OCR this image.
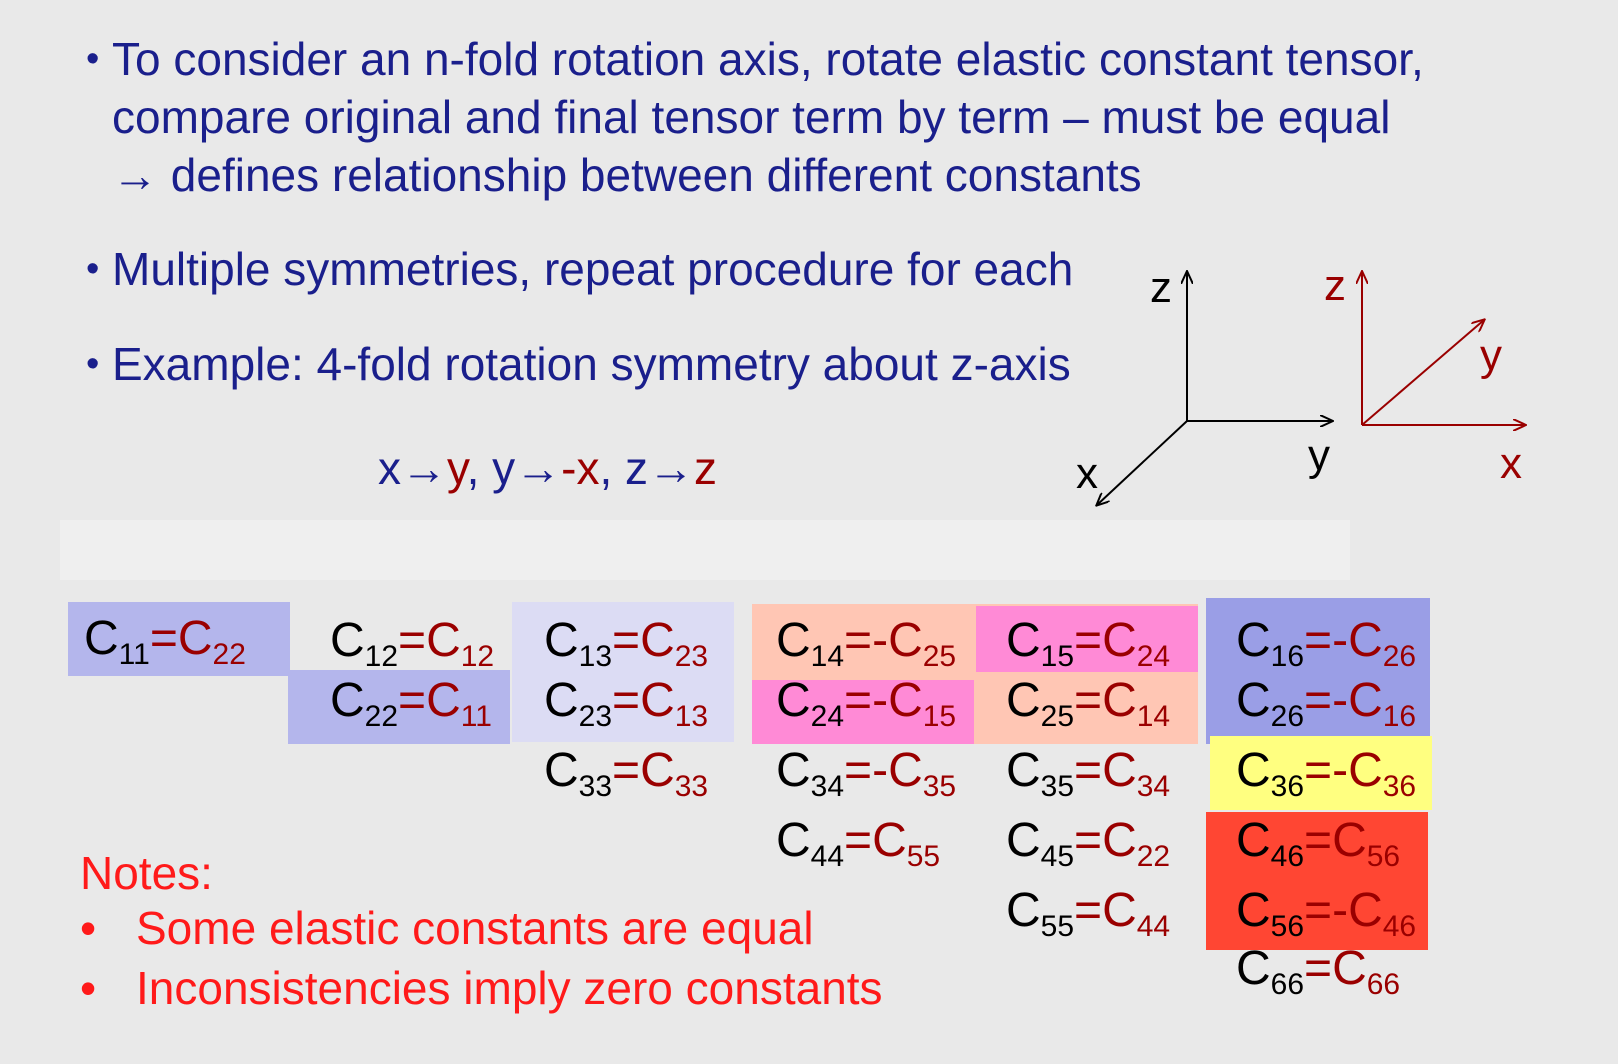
• To consider an n-fold rotation axis, rotate elastic constant tensor,
compare original and final tensor term by term – must be equal
→ defines relationship between different constants
• Multiple symmetries, repeat procedure for each
• Example: 4-fold rotation symmetry about z-axis
x→y, y→-x, z→z
z
y
x
z
y
x
$C_{11}=C_{22}$ $C_{12}=C_{12}$
$C_{22}=C_{11}$
$C_{13}=C_{23}$
$C_{23}=C_{13}$
$C_{33}=C_{33}$
$C_{14}=-C_{25}$
$C_{24}=-C_{15}$
$C_{34}=-C_{35}$
$C_{44}=C_{55}$
$C_{15}=C_{24}$
$C_{25}=C_{14}$
$C_{35}=C_{34}$
$C_{45}=C_{22}$
$C_{55}=C_{44}$
$C_{16}=-C_{26}$
$C_{26}=-C_{16}$
$C_{36}=-C_{36}$
$C_{46}=C_{56}$
$C_{56}=-C_{46}$
$C_{66}=C_{66}$
Notes:
• Some elastic constants are equal
• Inconsistencies imply zero constants
